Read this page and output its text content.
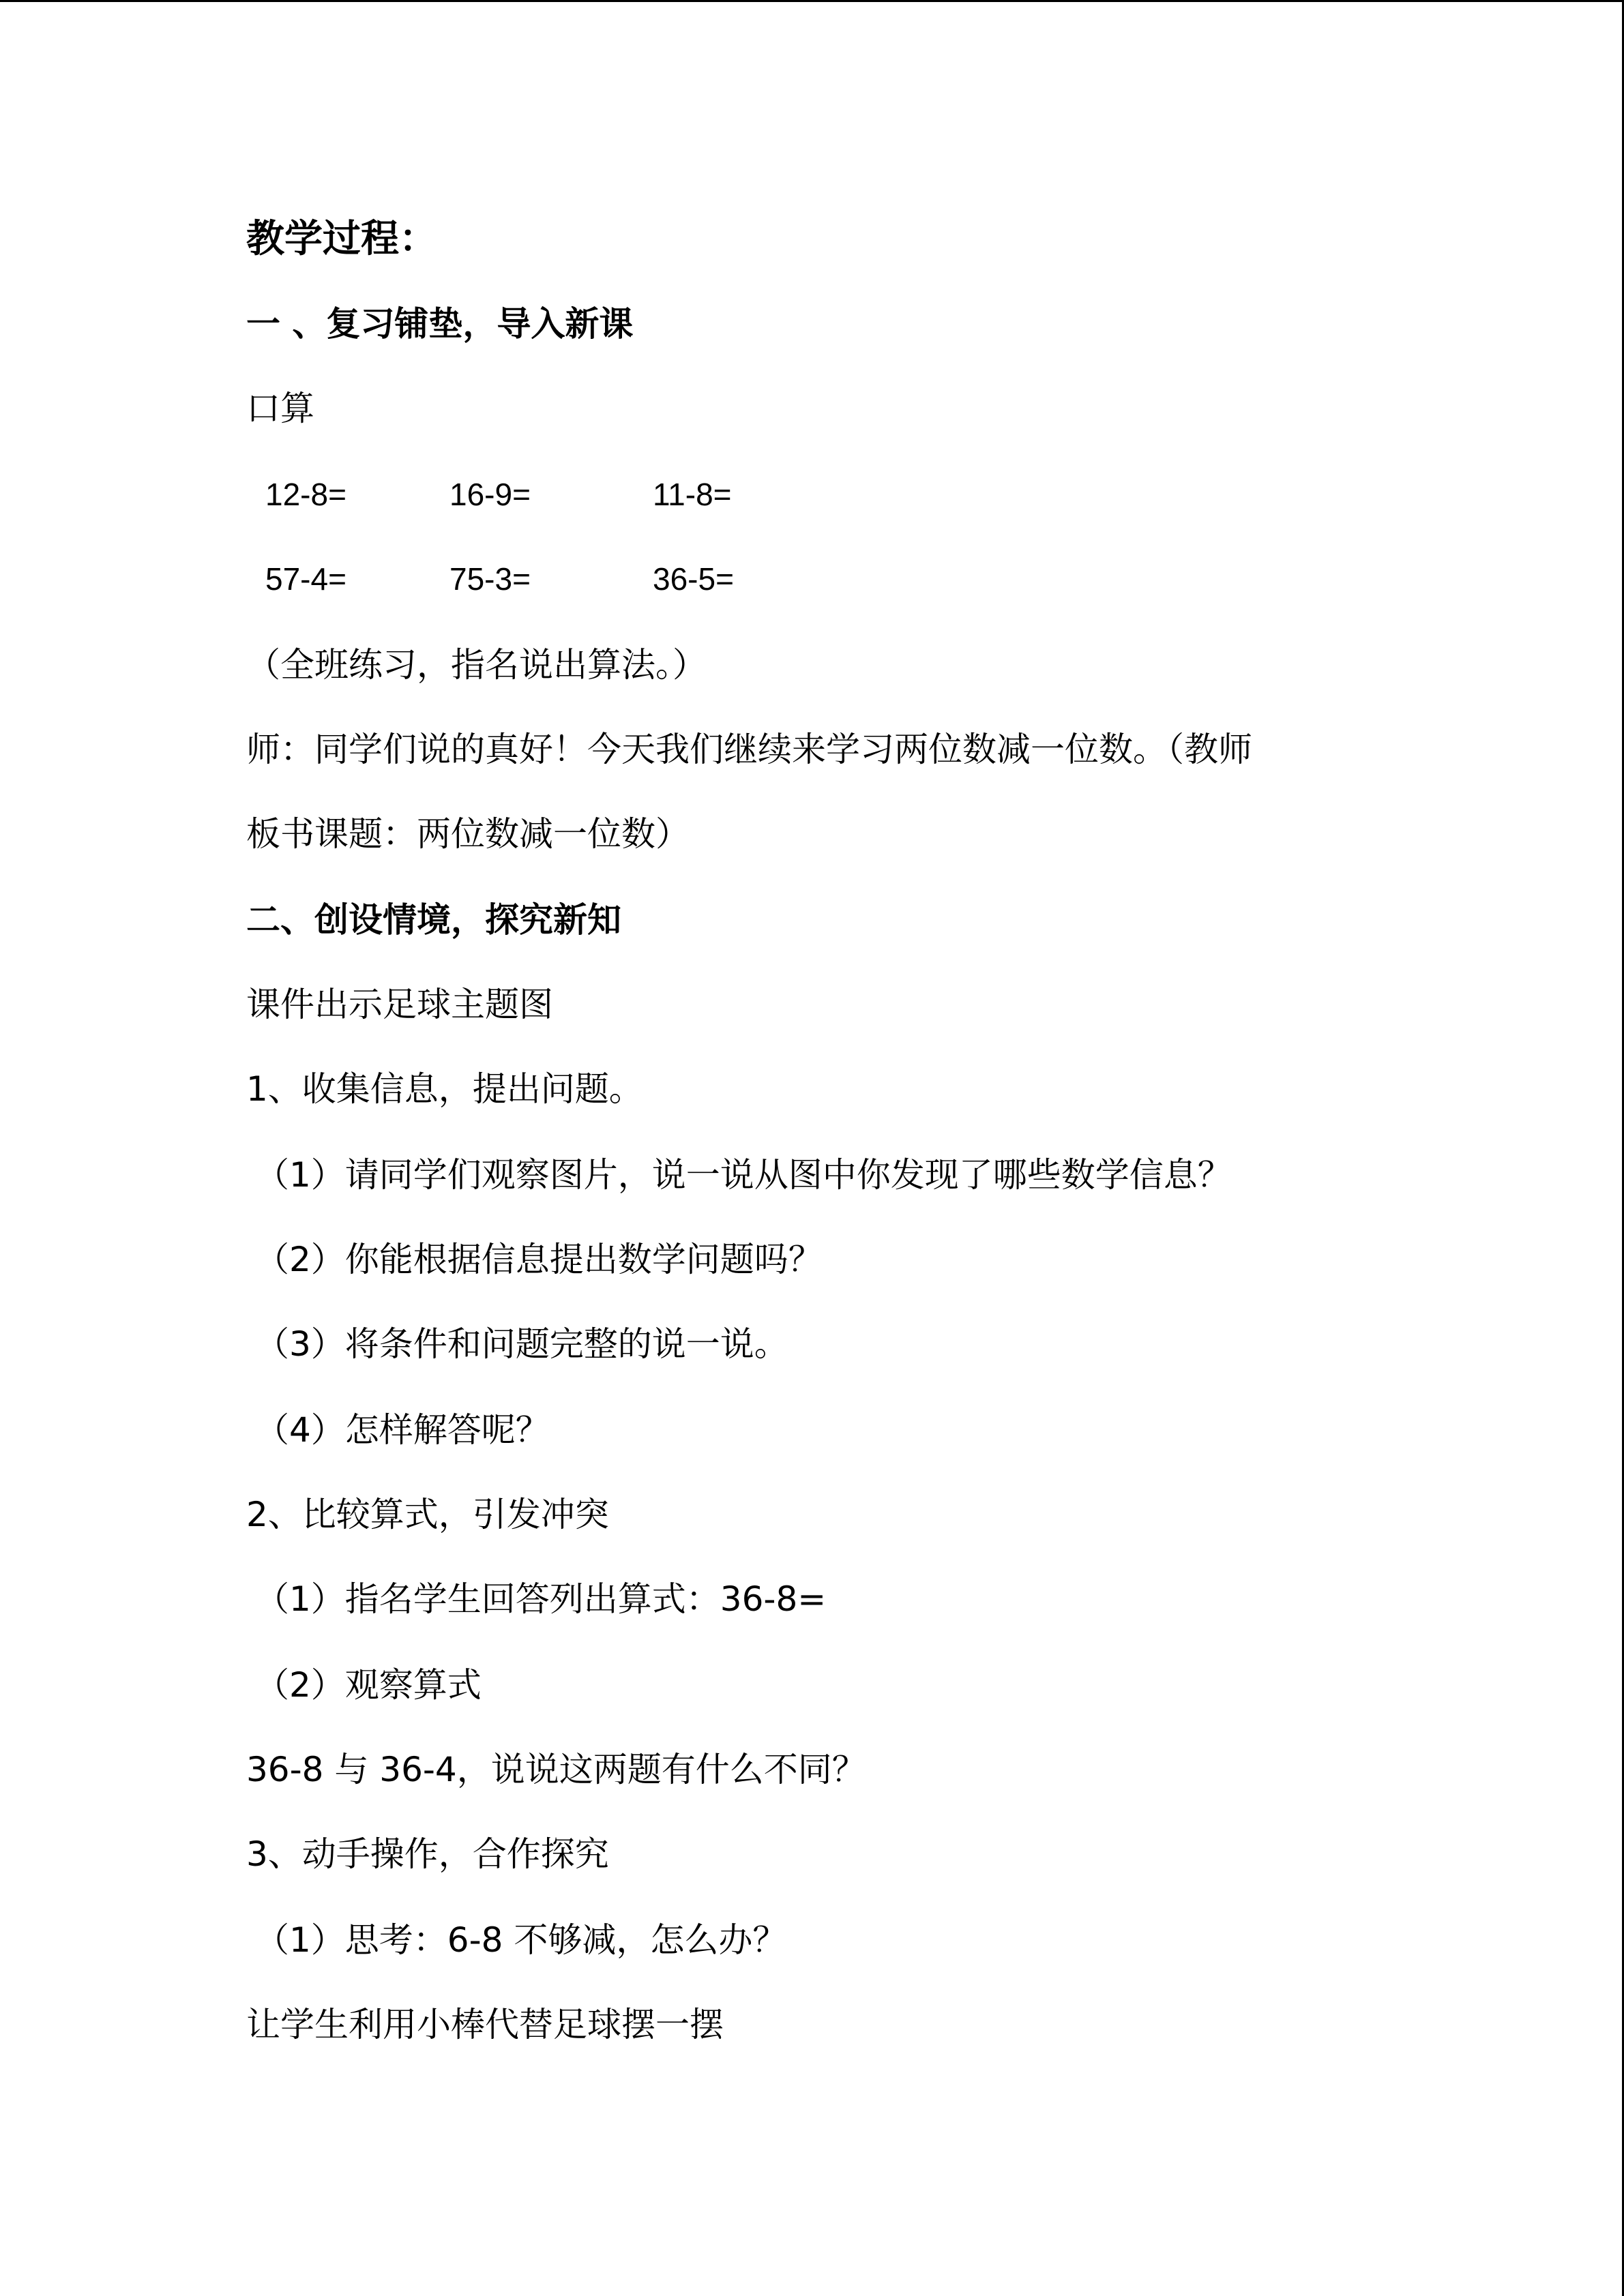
教学过程：
一 、复习铺垫，导入新课
口算
12-8=	16-9=	11-8=
57-4=	75-3=	36-5=
（全班练习，指名说出算法。）
师：同学们说的真好！今天我们继续来学习两位数减一位数。（教师
板书课题：两位数减一位数）
二、创设情境，探究新知
课件出示足球主题图
1、收集信息，提出问题。
（1）请同学们观察图片，说一说从图中你发现了哪些数学信息？
（2）你能根据信息提出数学问题吗？
（3）将条件和问题完整的说一说。
（4）怎样解答呢？
2、比较算式，引发冲突
（1）指名学生回答列出算式：36-8=
（2）观察算式
36-8 与 36-4，说说这两题有什么不同？
3、动手操作，合作探究
（1）思考：6-8 不够减，怎么办？
让学生利用小棒代替足球摆一摆
